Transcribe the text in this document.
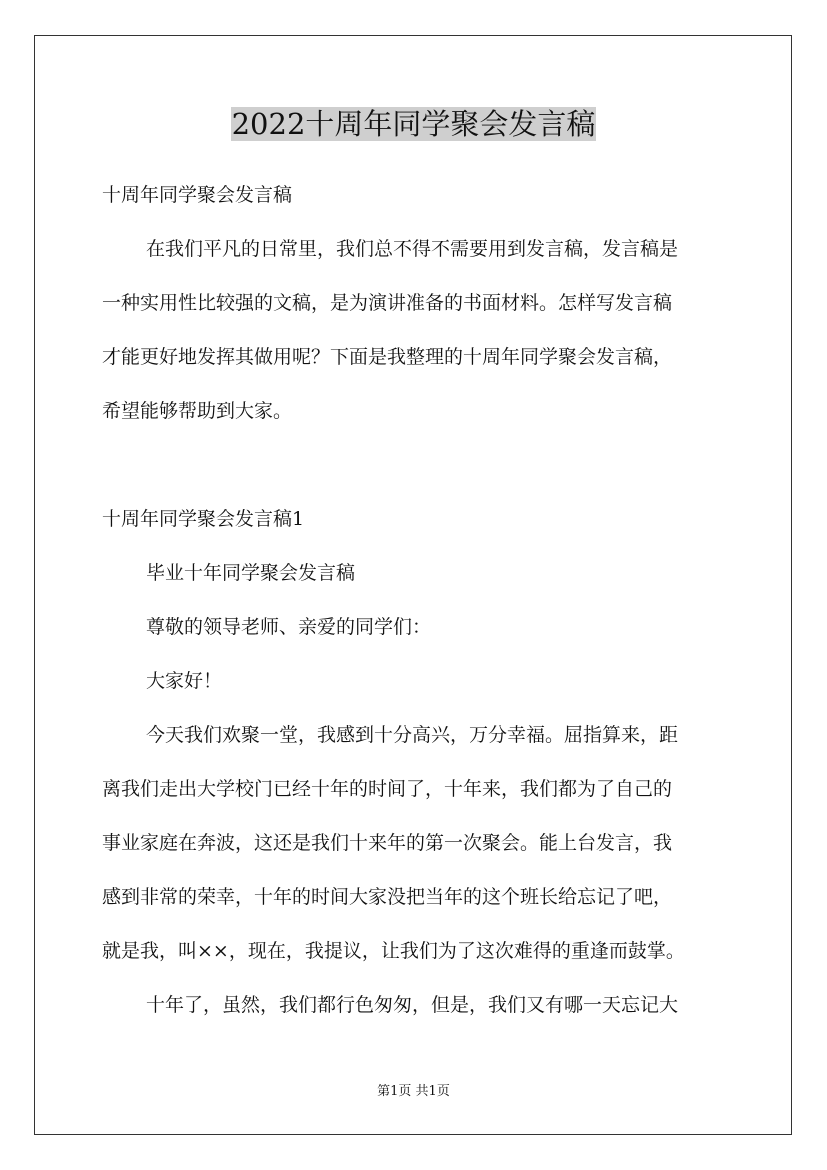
2022十周年同学聚会发言稿

十周年同学聚会发言稿

在我们平凡的日常里，我们总不得不需要用到发言稿，发言稿是

一种实用性比较强的文稿，是为演讲准备的书面材料。怎样写发言稿

才能更好地发挥其做用呢？下面是我整理的十周年同学聚会发言稿，

希望能够帮助到大家。

十周年同学聚会发言稿1

毕业十年同学聚会发言稿

尊敬的领导老师、亲爱的同学们：

大家好！

今天我们欢聚一堂，我感到十分高兴，万分幸福。屈指算来，距

离我们走出大学校门已经十年的时间了，十年来，我们都为了自己的

事业家庭在奔波，这还是我们十来年的第一次聚会。能上台发言，我

感到非常的荣幸，十年的时间大家没把当年的这个班长给忘记了吧，

就是我，叫××，现在，我提议，让我们为了这次难得的重逢而鼓掌。

十年了，虽然，我们都行色匆匆，但是，我们又有哪一天忘记大

第1页 共1页
